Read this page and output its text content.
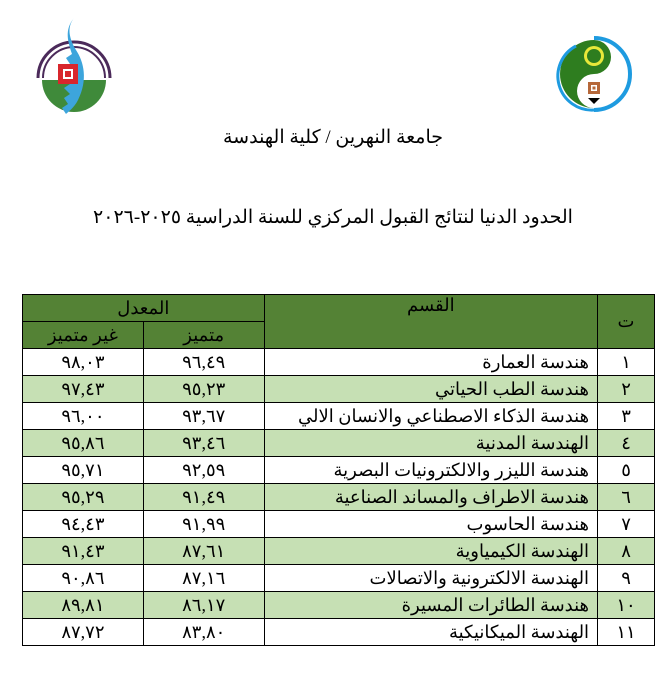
جامعة النهرين / كلية الهندسة
الحدود الدنيا لنتائج القبول المركزي للسنة الدراسية ٢٠٢٥-٢٠٢٦
ت	القسم	المعدل	
		متميز	غير متميز
١	هندسة العمارة	٩٦,٤٩	٩٨,٠٣
٢	هندسة الطب الحياتي	٩٥,٢٣	٩٧,٤٣
٣	هندسة الذكاء الاصطناعي والانسان الالي	٩٣,٦٧	٩٦,٠٠
٤	الهندسة المدنية	٩٣,٤٦	٩٥,٨٦
٥	هندسة الليزر والالكترونيات البصرية	٩٢,٥٩	٩٥,٧١
٦	هندسة الاطراف والمساند الصناعية	٩١,٤٩	٩٥,٢٩
٧	هندسة الحاسوب	٩١,٩٩	٩٤,٤٣
٨	الهندسة الكيمياوية	٨٧,٦١	٩١,٤٣
٩	الهندسة الالكترونية والاتصالات	٨٧,١٦	٩٠,٨٦
١٠	هندسة الطائرات المسيرة	٨٦,١٧	٨٩,٨١
١١	الهندسة الميكانيكية	٨٣,٨٠	٨٧,٧٢
